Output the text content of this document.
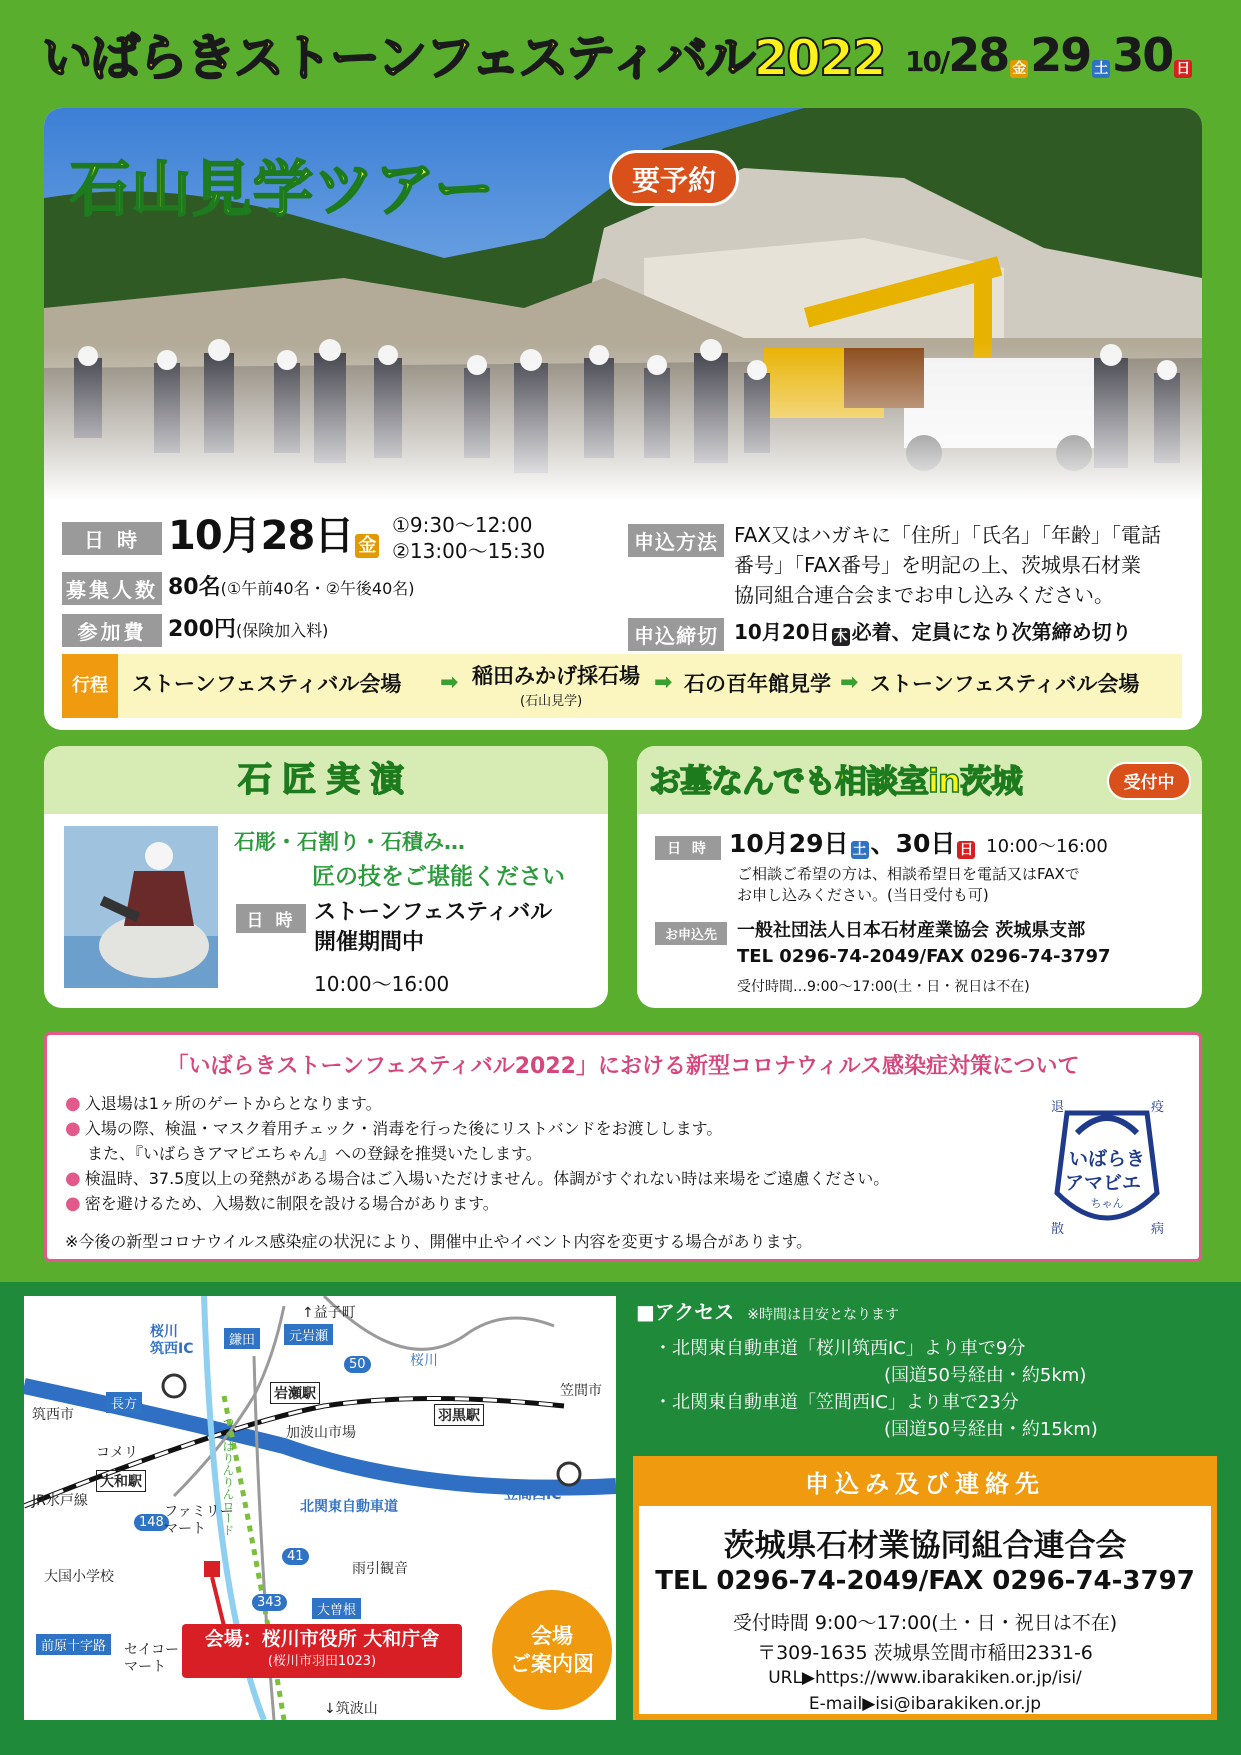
いばらきストーンフェスティバル2022 10/28 金29 土30 日
石山見学ツアー	要予約
日 時 10月28日 金
①9:30〜12:00
②13:00〜15:30
募集人数 80名(①午前40名・②午後40名)
参加費 200円(保険加入料)
申込方法 FAX又はハガキに「住所」「氏名」「年齢」「電話
番号」「FAX番号」を明記の上、茨城県石材業
協同組合連合会までお申し込みください。
申込締切 10月20日 木 必着、定員になり次第締め切り
行程	ストーンフェスティバル会場 ➡ 稲田みかげ採石場
(石山見学)
➡ 石の百年館見学 ➡ ストーンフェスティバル会場
石匠実演
石彫・石割り・石積み…
匠の技をご堪能ください
日 時 ストーンフェスティバル
開催期間中
10:00〜16:00
お墓なんでも相談室in茨城	受付中
日 時 10月29日 土 、30日 日 10:00〜16:00
ご相談ご希望の方は、相談希望日を電話又はFAXで
お申し込みください。(当日受付も可)
お申込先	一般社団法人日本石材産業協会 茨城県支部
TEL 0296-74-2049/FAX 0296-74-3797
受付時間…9:00〜17:00(土・日・祝日は不在)
「いばらきストーンフェスティバル2022」における新型コロナウィルス感染症対策について
● 入退場は1ヶ所のゲートからとなります。
● 入場の際、検温・マスク着用チェック・消毒を行った後にリストバンドをお渡しします。
また、『いばらきアマビエちゃん』への登録を推奨いたします。
● 検温時、37.5度以上の発熱がある場合はご入場いただけません。体調がすぐれない時は来場をご遠慮ください。
● 密を避けるため、入場数に制限を設ける場合があります。
※今後の新型コロナウイルス感染症の状況により、開催中止やイベント内容を変更する場合があります。
退	疫
散	病
いばらき
アマビエ
ちゃん
↑益子町
↓筑波山
桜川
筑西IC
笠間西IC
鎌田	元岩瀬
50	桜川
岩瀬駅
羽黒駅
笠間市
筑西市
長方
加波山市場
コメリ
大和駅
JR水戸線	北関東自動車道
つくばりんりんロード
148
ファミリー
マート
41
雨引観音
大国小学校
343
大曽根
前原十字路	セイコー
マート
会場：桜川市役所 大和庁舎
(桜川市羽田1023)
会場
ご案内図
■アクセス ※時間は目安となります
・北関東自動車道「桜川筑西IC」より車で9分
(国道50号経由・約5km)
・北関東自動車道「笠間西IC」より車で23分
(国道50号経由・約15km)
申込み及び連絡先
茨城県石材業協同組合連合会
TEL 0296-74-2049/FAX 0296-74-3797
受付時間 9:00〜17:00(土・日・祝日は不在)
〒309-1635 茨城県笠間市稲田2331-6
URL▶https://www.ibarakiken.or.jp/isi/
E-mail▶isi@ibarakiken.or.jp
